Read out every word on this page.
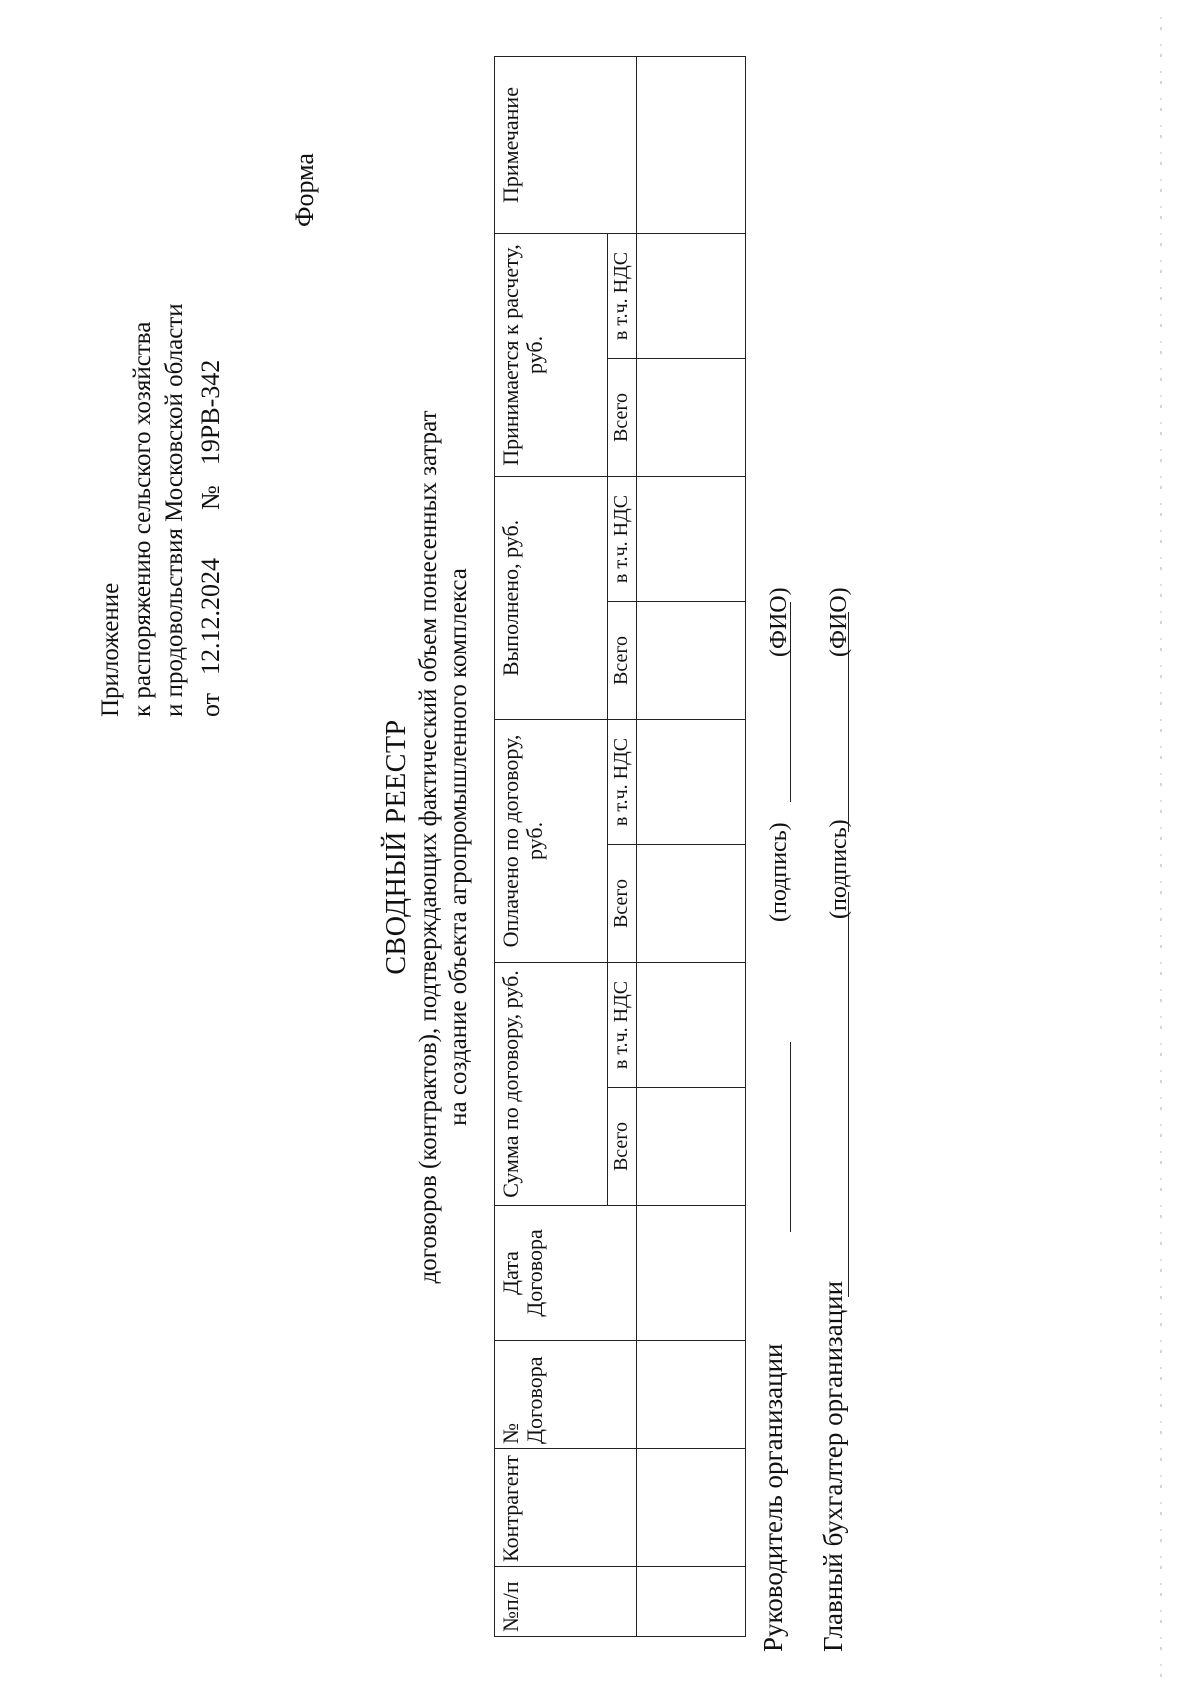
Приложение к распоряжению сельского хозяйства и продовольствия Московской области от12.12.2024№19РВ-342
Форма
СВОДНЫЙ РЕЕСТР договоров (контрактов), подтверждающих фактический объем понесенных затрат на создание объекта агропромышленного комплекса
№п/п	Контрагент	№ Договора	Дата Договора	Сумма по договору, руб.		Оплачено по договору, руб.		Выполнено, руб.		Принимается к расчету, руб.		Примечание
				Всего	в т.ч. НДС	Всего	в т.ч. НДС	Всего	в т.ч. НДС	Всего	в т.ч. НДС	

Руководитель организации
(подпись)
(ФИО)
Главный бухгалтер организации
(подпись)
(ФИО)
